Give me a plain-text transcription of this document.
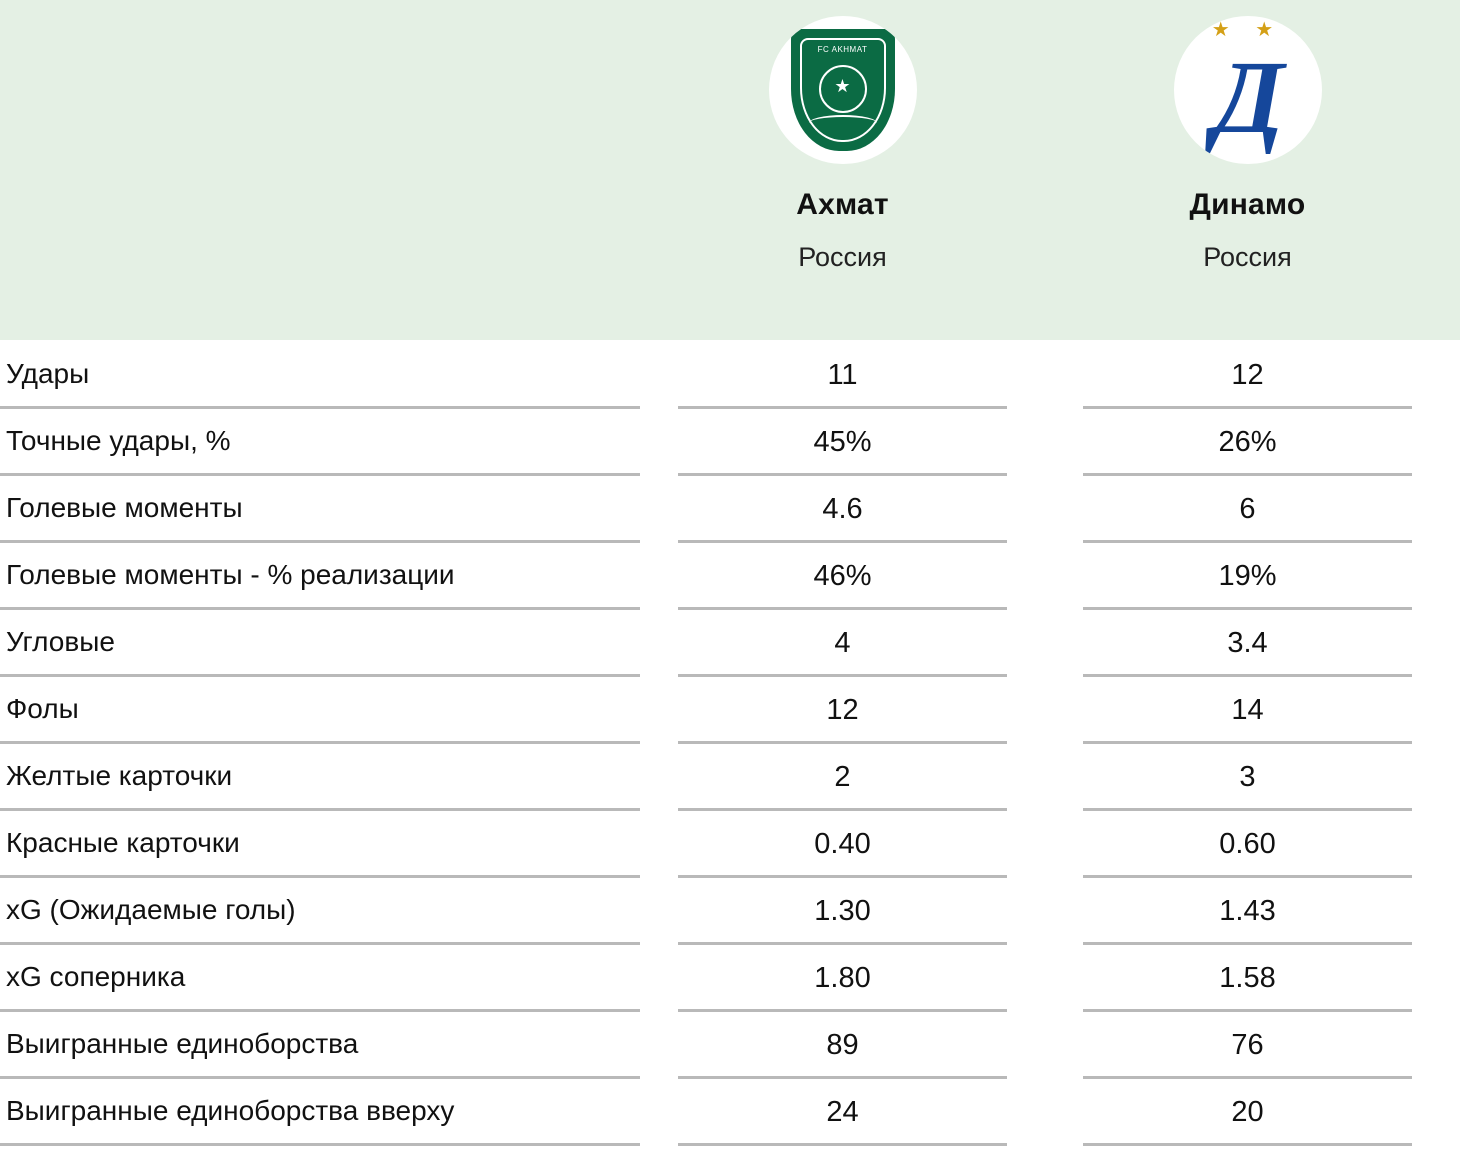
FC AKHMAT
★
Ахмат
Россия
★ ★
Д
Динамо
Россия
Удары	11	12
Точные удары, %	45%	26%
Голевые моменты	4.6	6
Голевые моменты - % реализации	46%	19%
Угловые	4	3.4
Фолы	12	14
Желтые карточки	2	3
Красные карточки	0.40	0.60
xG (Ожидаемые голы)	1.30	1.43
xG соперника	1.80	1.58
Выигранные единоборства	89	76
Выигранные единоборства вверху	24	20
